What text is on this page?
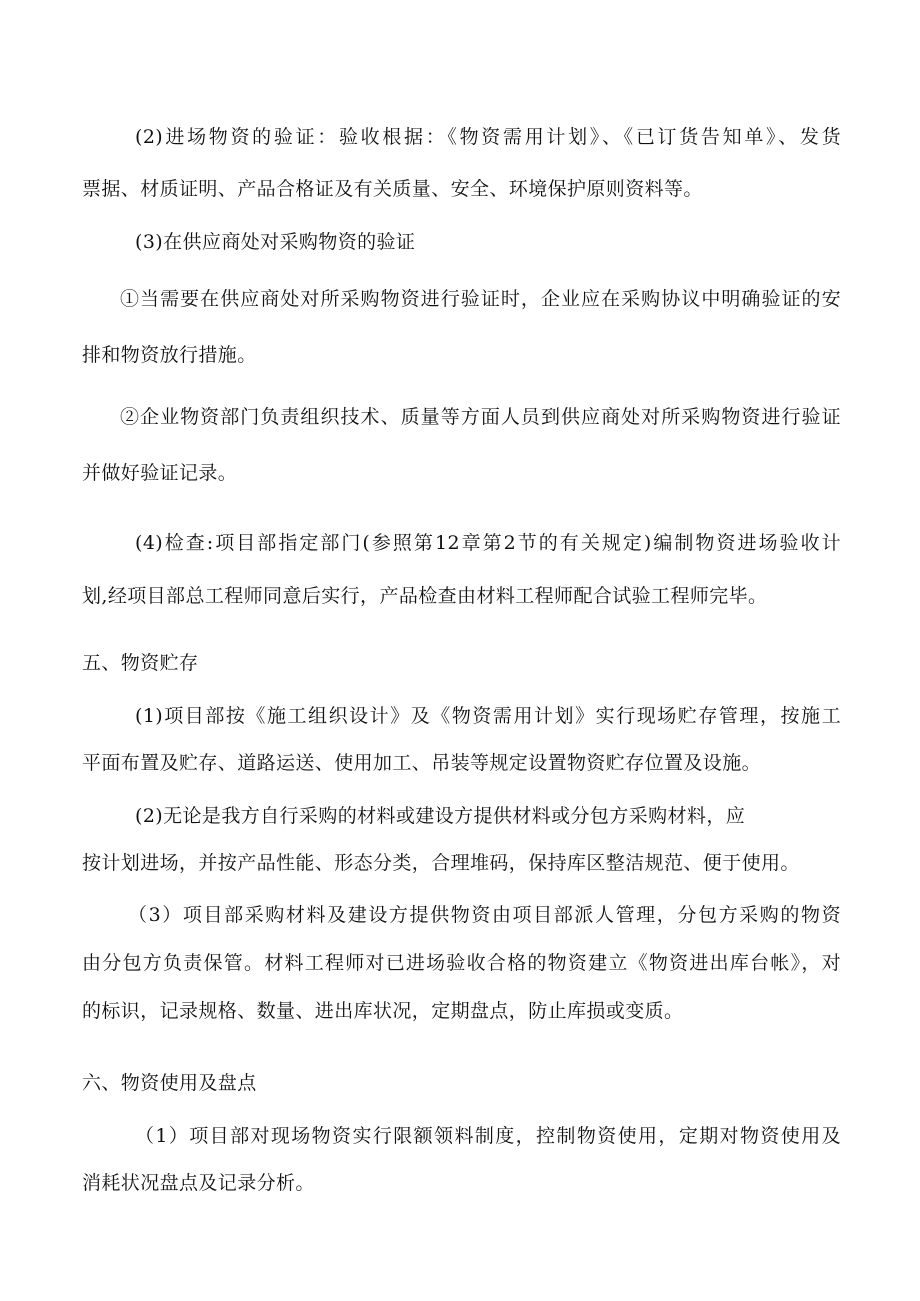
(2)进场物资的验证：验收根据：《物资需用计划》、《已订货告知单》、发货
票据、材质证明、产品合格证及有关质量、安全、环境保护原则资料等。
(3)在供应商处对采购物资的验证
①当需要在供应商处对所采购物资进行验证时，企业应在采购协议中明确验证的安
排和物资放行措施。
②企业物资部门负责组织技术、质量等方面人员到供应商处对所采购物资进行验证
并做好验证记录。
(4)检查:项目部指定部门(参照第12章第2节的有关规定)编制物资进场验收计
划,经项目部总工程师同意后实行，产品检查由材料工程师配合试验工程师完毕。
五、物资贮存
(1)项目部按《施工组织设计》及《物资需用计划》实行现场贮存管理，按施工
平面布置及贮存、道路运送、使用加工、吊装等规定设置物资贮存位置及设施。
(2)无论是我方自行采购的材料或建设方提供材料或分包方采购材料，应
按计划进场，并按产品性能、形态分类，合理堆码，保持库区整洁规范、便于使用。
（3）项目部采购材料及建设方提供物资由项目部派人管理，分包方采购的物资
由分包方负责保管。材料工程师对已进场验收合格的物资建立《物资进出库台帐》，对
的标识，记录规格、数量、进出库状况，定期盘点，防止库损或变质。
六、物资使用及盘点
（1）项目部对现场物资实行限额领料制度，控制物资使用，定期对物资使用及
消耗状况盘点及记录分析。
